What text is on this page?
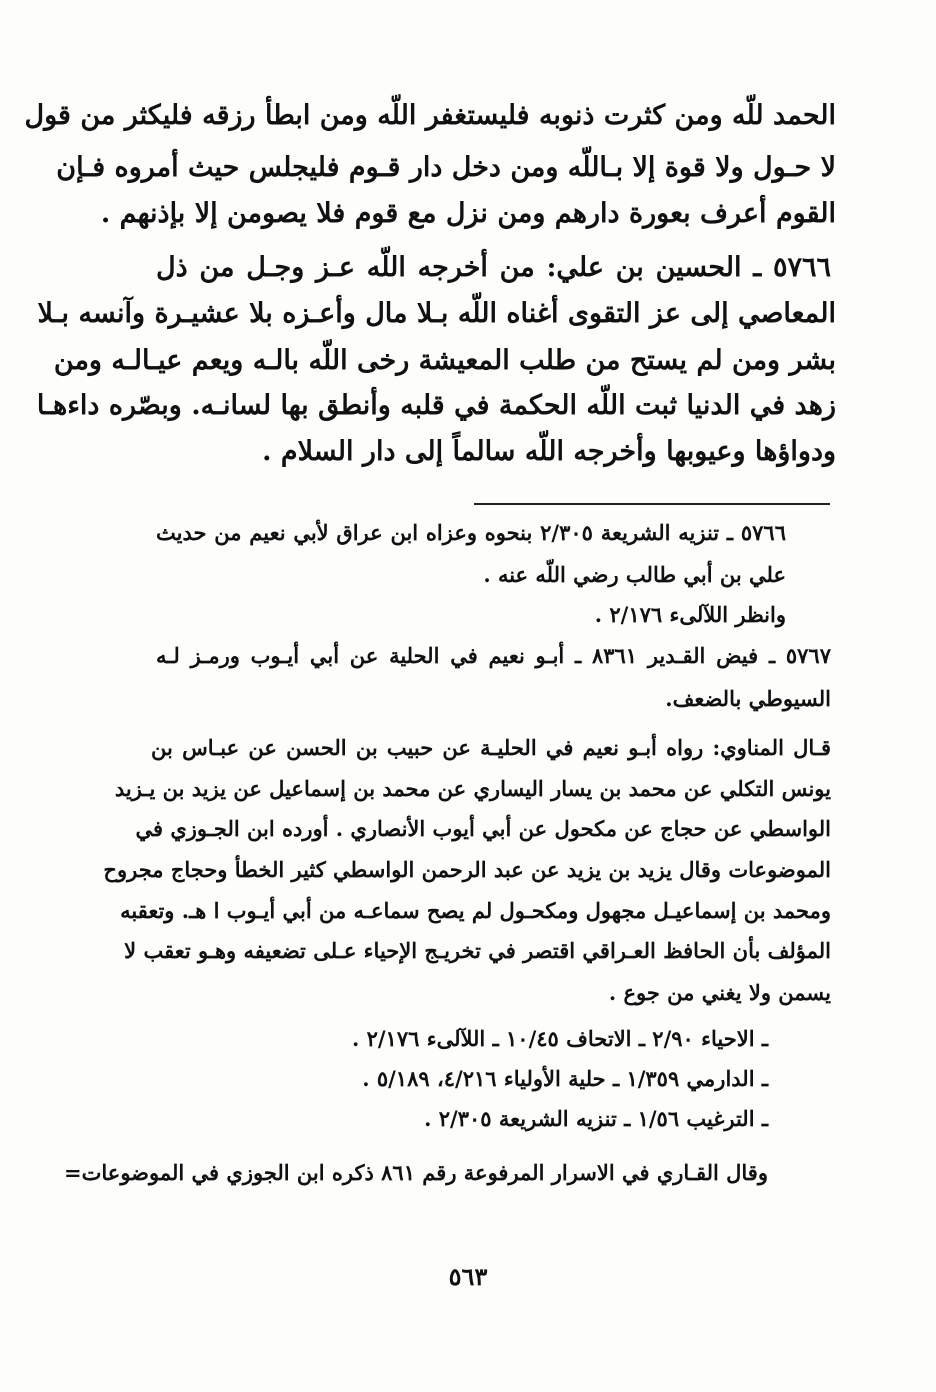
الحمد للّه ومن كثرت ذنوبه فليستغفر اللّه ومن ابطأ رزقه فليكثر من قول

لا حـول ولا قوة إلا بـاللّه ومن دخل دار قـوم فليجلس حيث أمروه فـإن

القوم أعرف بعورة دارهم ومن نزل مع قوم فلا يصومن إلا بإذنهم .

٥٧٦٦ ـ الحسين بن علي: من أخرجه اللّه عـز وجـل من ذل

المعاصي إلى عز التقوى أغناه اللّه بـلا مال وأعـزه بلا عشيـرة وآنسه بـلا

بشر ومن لم يستح من طلب المعيشة رخى اللّه بالـه ويعم عيـالـه ومن

زهد في الدنيا ثبت اللّه الحكمة في قلبه وأنطق بها لسانـه. وبصّره داءهـا

ودواؤها وعيوبها وأخرجه اللّه سالماً إلى دار السلام .

٥٧٦٦ ـ تنزيه الشريعة ٢/٣٠٥ بنحوه وعزاه ابن عراق لأبي نعيم من حديث

علي بن أبي طالب رضي اللّه عنه .

وانظر اللآلىء ٢/١٧٦ .

٥٧٦٧ ـ فيض القـدير ٨٣٦١ ـ أبـو نعيم في الحلية عن أبي أيـوب ورمـز لـه

السيوطي بالضعف.

قـال المناوي: رواه أبـو نعيم في الحليـة عن حبيب بن الحسن عن عبـاس بن

يونس التكلي عن محمد بن يسار اليساري عن محمد بن إسماعيل عن يزيد بن يـزيد

الواسطي عن حجاج عن مكحول عن أبي أيوب الأنصاري . أورده ابن الجـوزي في

الموضوعات وقال يزيد بن يزيد عن عبد الرحمن الواسطي كثير الخطأ وحجاج مجروح

ومحمد بن إسماعيـل مجهول ومكحـول لم يصح سماعـه من أبي أيـوب ا هـ. وتعقبه

المؤلف بأن الحافظ العـراقي اقتصر في تخريـج الإحياء عـلى تضعيفه وهـو تعقب لا

يسمن ولا يغني من جوع .

ـ الاحياء ٢/٩٠ ـ الاتحاف ١٠/٤٥ ـ اللآلىء ٢/١٧٦ .

ـ الدارمي ١/٣٥٩ ـ حلية الأولياء ٤/٢١٦، ٥/١٨٩ .

ـ الترغيب ١/٥٦ ـ تنزيه الشريعة ٢/٣٠٥ .

وقال القـاري في الاسرار المرفوعة رقم ٨٦١ ذكره ابن الجوزي في الموضوعات=

٥٦٣
